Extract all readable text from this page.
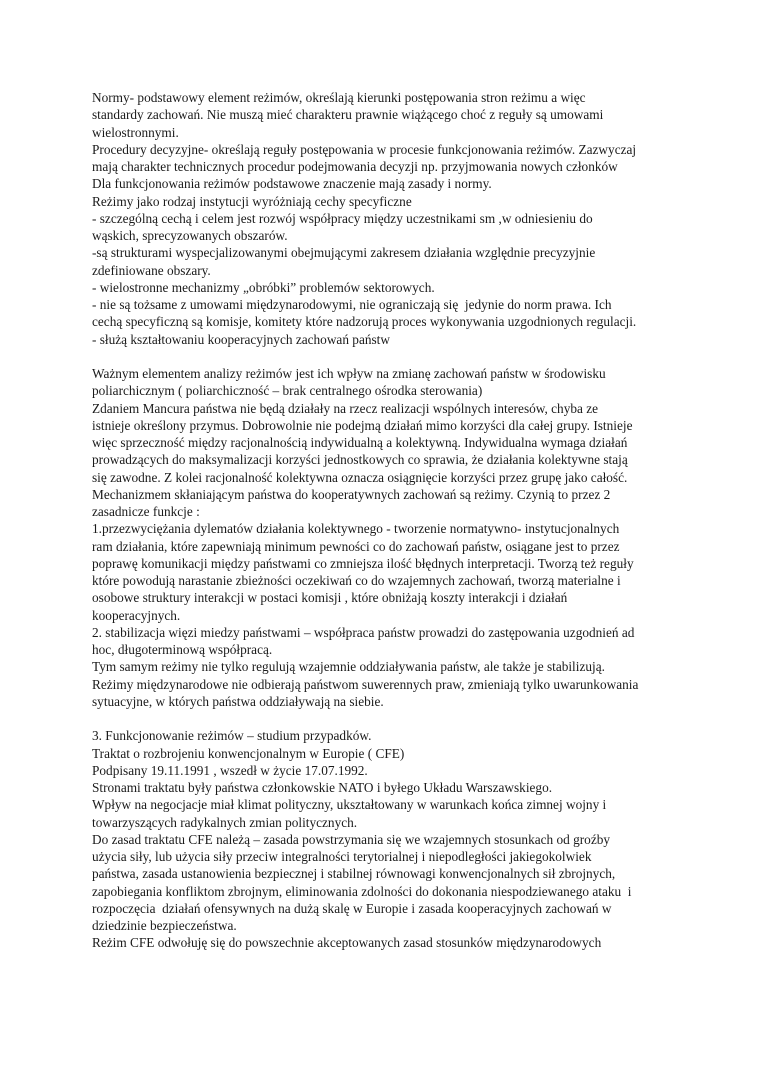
Normy- podstawowy element reżimów, określają kierunki postępowania stron reżimu a więc
standardy zachowań. Nie muszą mieć charakteru prawnie wiążącego choć z reguły są umowami
wielostronnymi.
Procedury decyzyjne- określają reguły postępowania w procesie funkcjonowania reżimów. Zazwyczaj
mają charakter technicznych procedur podejmowania decyzji np. przyjmowania nowych członków
Dla funkcjonowania reżimów podstawowe znaczenie mają zasady i normy.
Reżimy jako rodzaj instytucji wyróżniają cechy specyficzne
- szczególną cechą i celem jest rozwój współpracy między uczestnikami sm ,w odniesieniu do
wąskich, sprecyzowanych obszarów.
-są strukturami wyspecjalizowanymi obejmującymi zakresem działania względnie precyzyjnie
zdefiniowane obszary.
- wielostronne mechanizmy „obróbki” problemów sektorowych.
- nie są tożsame z umowami międzynarodowymi, nie ograniczają się  jedynie do norm prawa. Ich
cechą specyficzną są komisje, komitety które nadzorują proces wykonywania uzgodnionych regulacji.
- służą kształtowaniu kooperacyjnych zachowań państw
Ważnym elementem analizy reżimów jest ich wpływ na zmianę zachowań państw w środowisku
poliarchicznym ( poliarchiczność – brak centralnego ośrodka sterowania)
Zdaniem Mancura państwa nie będą działały na rzecz realizacji wspólnych interesów, chyba ze
istnieje określony przymus. Dobrowolnie nie podejmą działań mimo korzyści dla całej grupy. Istnieje
więc sprzeczność między racjonalnością indywidualną a kolektywną. Indywidualna wymaga działań
prowadzących do maksymalizacji korzyści jednostkowych co sprawia, że działania kolektywne stają
się zawodne. Z kolei racjonalność kolektywna oznacza osiągnięcie korzyści przez grupę jako całość.
Mechanizmem skłaniającym państwa do kooperatywnych zachowań są reżimy. Czynią to przez 2
zasadnicze funkcje :
1.przezwyciężania dylematów działania kolektywnego - tworzenie normatywno- instytucjonalnych
ram działania, które zapewniają minimum pewności co do zachowań państw, osiągane jest to przez
poprawę komunikacji między państwami co zmniejsza ilość błędnych interpretacji. Tworzą też reguły
które powodują narastanie zbieżności oczekiwań co do wzajemnych zachowań, tworzą materialne i
osobowe struktury interakcji w postaci komisji , które obniżają koszty interakcji i działań
kooperacyjnych.
2. stabilizacja więzi miedzy państwami – współpraca państw prowadzi do zastępowania uzgodnień ad
hoc, długoterminową współpracą.
Tym samym reżimy nie tylko regulują wzajemnie oddziaływania państw, ale także je stabilizują.
Reżimy międzynarodowe nie odbierają państwom suwerennych praw, zmieniają tylko uwarunkowania
sytuacyjne, w których państwa oddziaływają na siebie.
3. Funkcjonowanie reżimów – studium przypadków.
Traktat o rozbrojeniu konwencjonalnym w Europie ( CFE)
Podpisany 19.11.1991 , wszedł w życie 17.07.1992.
Stronami traktatu były państwa członkowskie NATO i byłego Układu Warszawskiego.
Wpływ na negocjacje miał klimat polityczny, ukształtowany w warunkach końca zimnej wojny i
towarzyszących radykalnych zmian politycznych.
Do zasad traktatu CFE należą – zasada powstrzymania się we wzajemnych stosunkach od groźby
użycia siły, lub użycia siły przeciw integralności terytorialnej i niepodległości jakiegokolwiek
państwa, zasada ustanowienia bezpiecznej i stabilnej równowagi konwencjonalnych sił zbrojnych,
zapobiegania konfliktom zbrojnym, eliminowania zdolności do dokonania niespodziewanego ataku  i
rozpoczęcia  działań ofensywnych na dużą skalę w Europie i zasada kooperacyjnych zachowań w
dziedzinie bezpieczeństwa.
Reżim CFE odwołuję się do powszechnie akceptowanych zasad stosunków międzynarodowych
